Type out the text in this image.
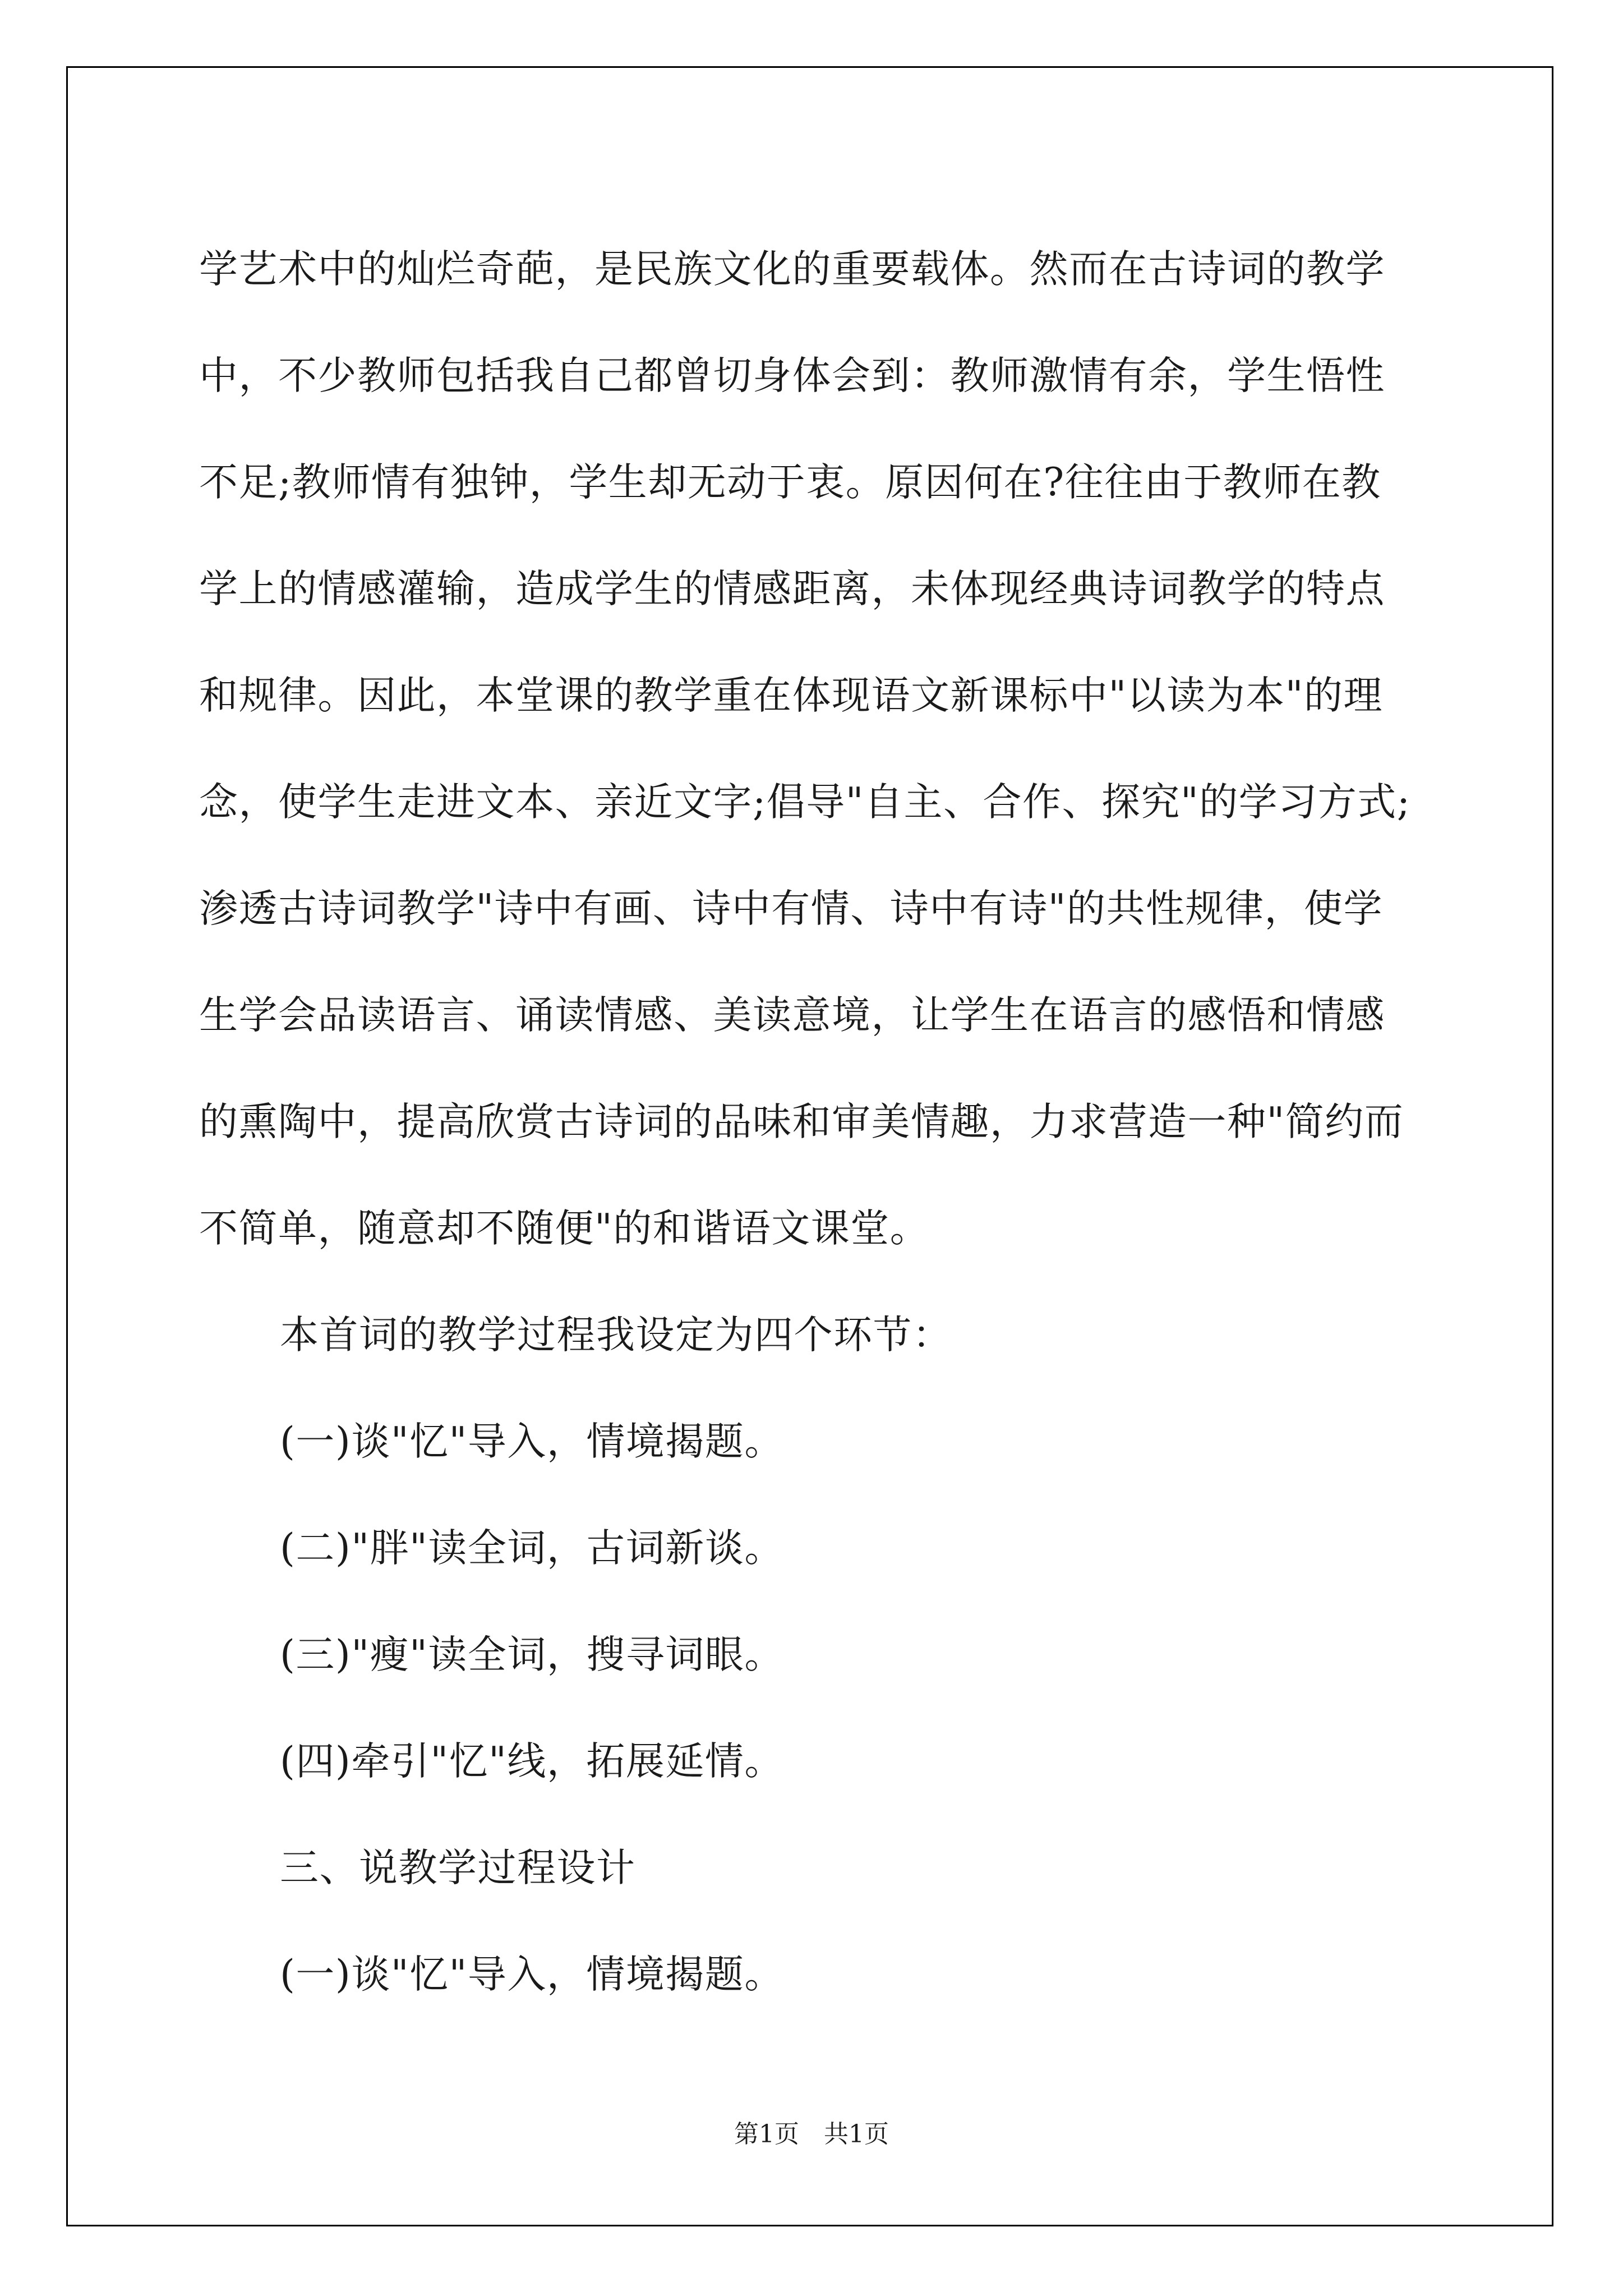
学艺术中的灿烂奇葩，是民族文化的重要载体。然而在古诗词的教学
中，不少教师包括我自己都曾切身体会到：教师激情有余，学生悟性
不足;教师情有独钟，学生却无动于衷。原因何在?往往由于教师在教
学上的情感灌输，造成学生的情感距离，未体现经典诗词教学的特点
和规律。因此，本堂课的教学重在体现语文新课标中"以读为本"的理
念，使学生走进文本、亲近文字;倡导"自主、合作、探究"的学习方式;
渗透古诗词教学"诗中有画、诗中有情、诗中有诗"的共性规律，使学
生学会品读语言、诵读情感、美读意境，让学生在语言的感悟和情感
的熏陶中，提高欣赏古诗词的品味和审美情趣，力求营造一种"简约而
不简单，随意却不随便"的和谐语文课堂。

本首词的教学过程我设定为四个环节：

(一)谈"忆"导入，情境揭题。

(二)"胖"读全词，古词新谈。

(三)"瘦"读全词，搜寻词眼。

(四)牵引"忆"线，拓展延情。

三、说教学过程设计

(一)谈"忆"导入，情境揭题。

第1页　共1页
